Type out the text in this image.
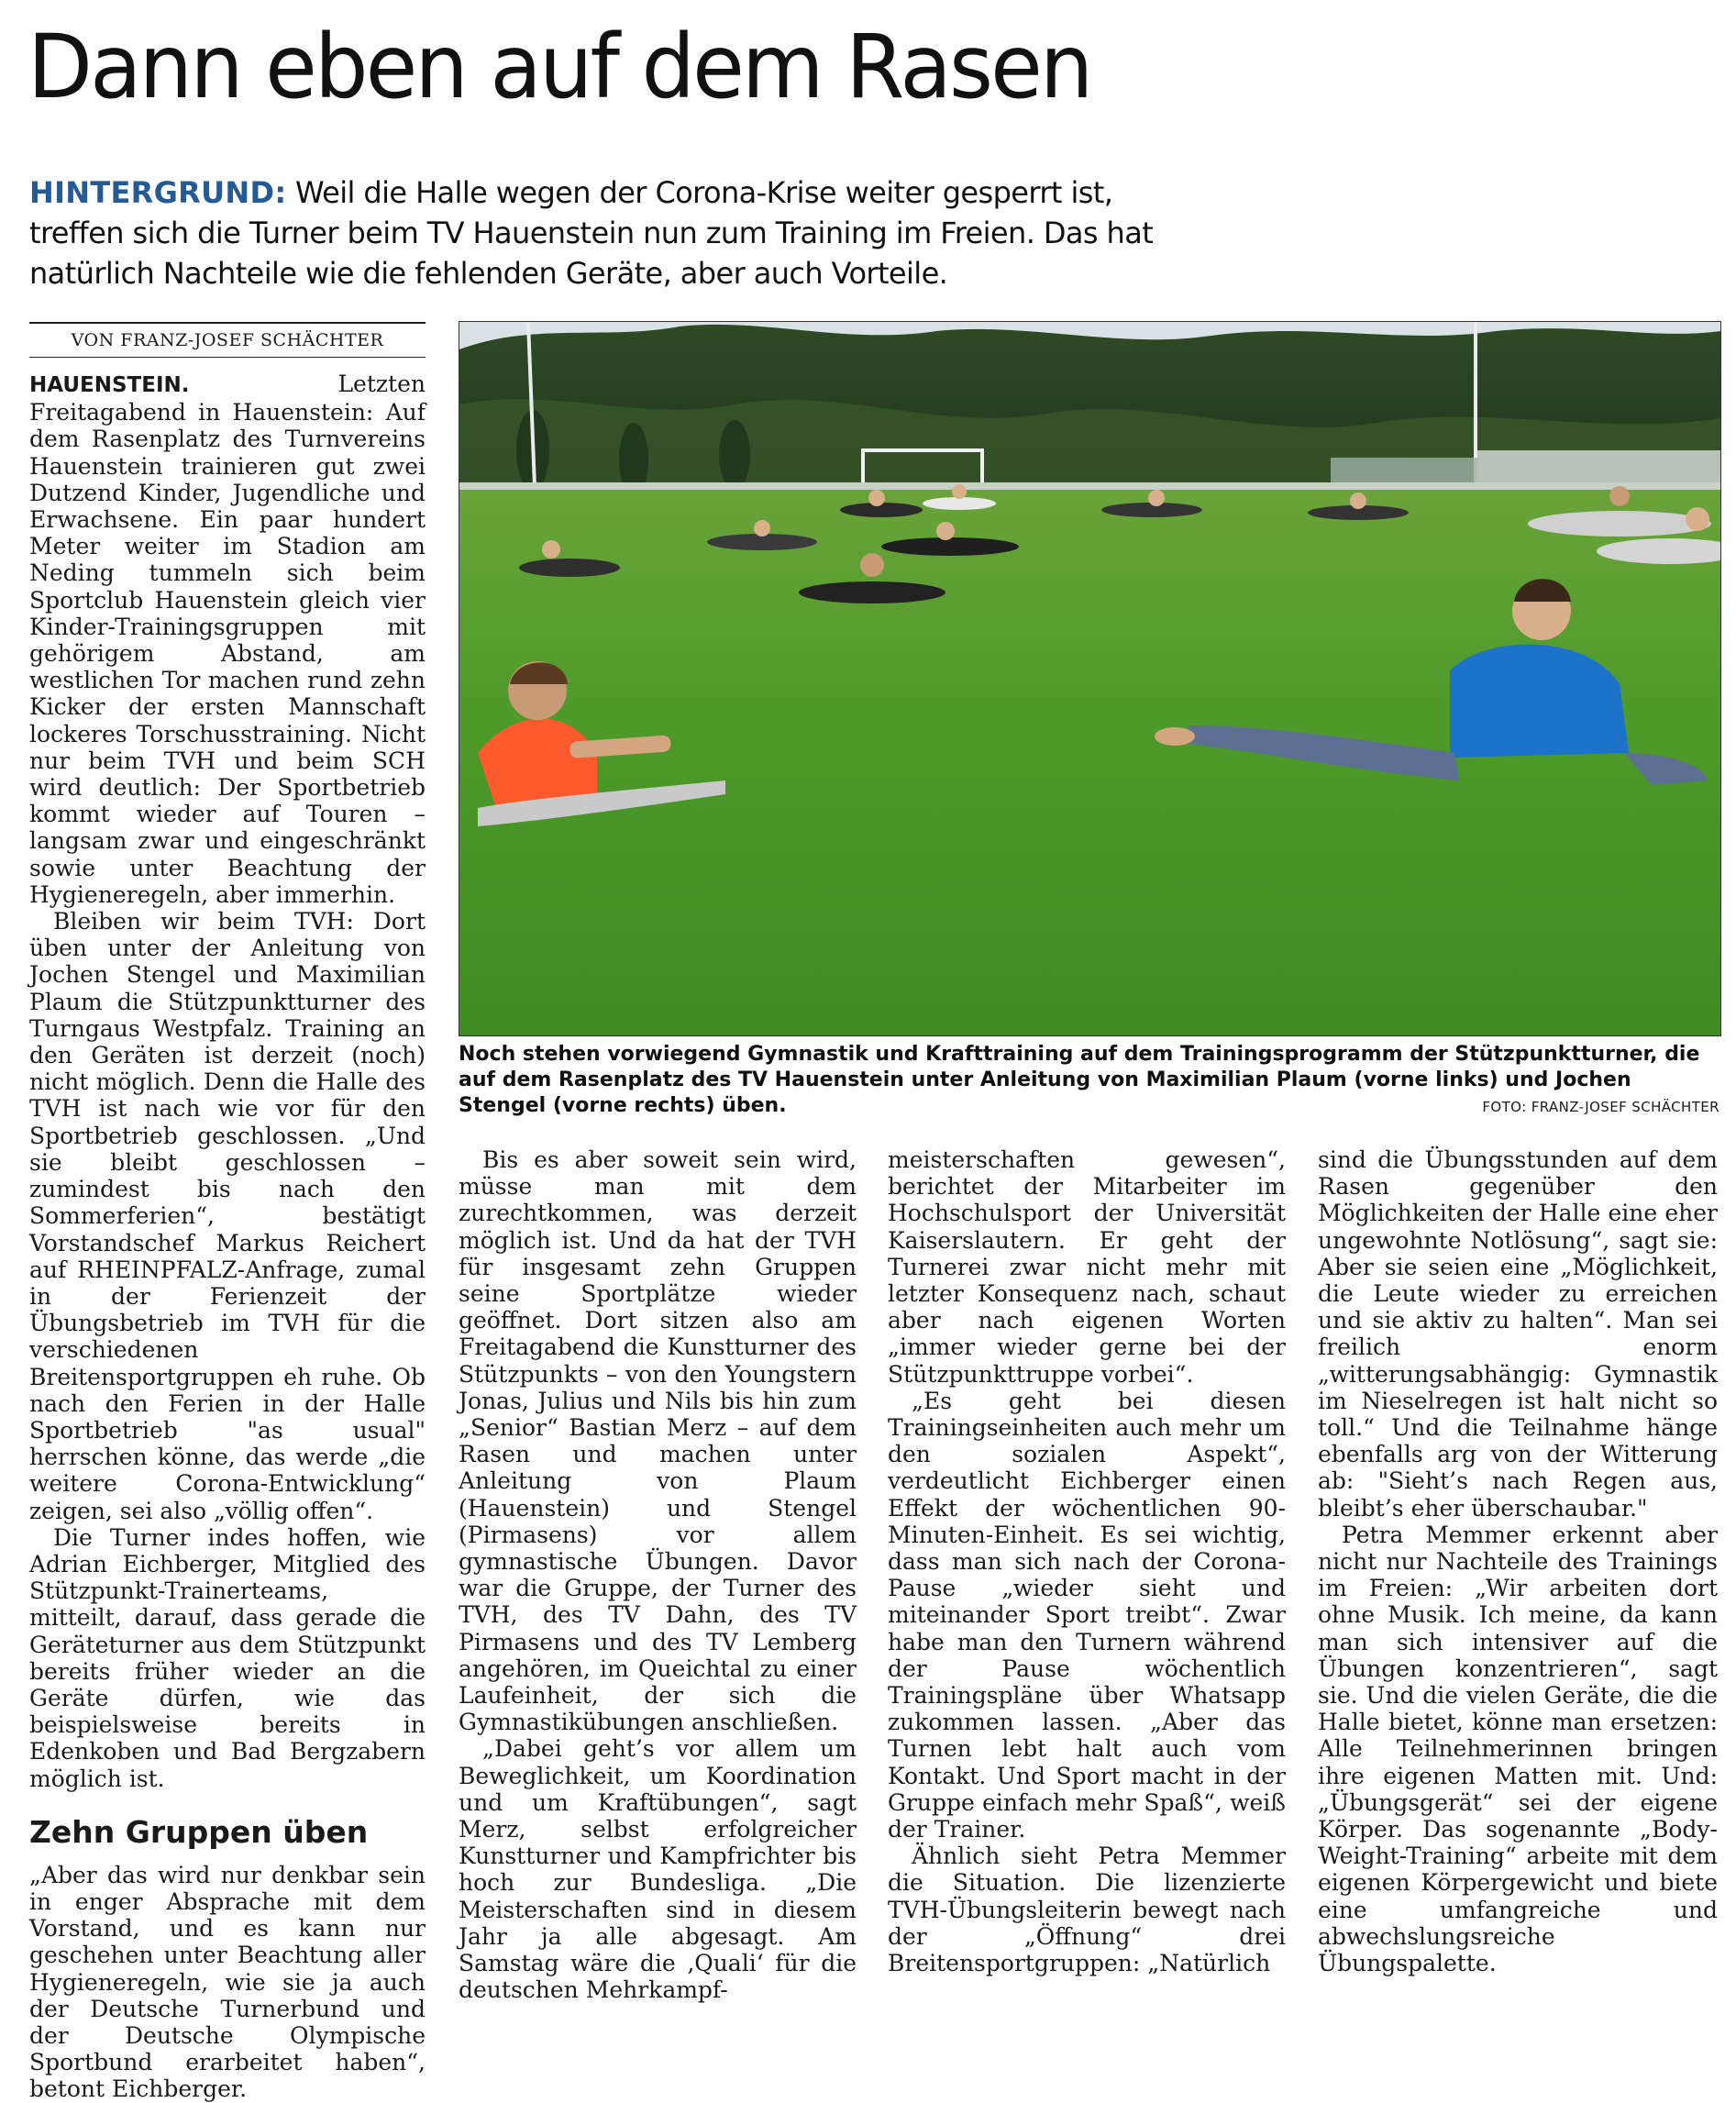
Dann eben auf dem Rasen
HINTERGRUND: Weil die Halle wegen der Corona-Krise weiter gesperrt ist, treffen sich die Turner beim TV Hauenstein nun zum Training im Freien. Das hat natürlich Nachteile wie die fehlenden Geräte, aber auch Vorteile.
VON FRANZ-JOSEF SCHÄCHTER

HAUENSTEIN.	Letzten Freitagabend in Hauenstein: Auf dem Rasenplatz des Turnvereins Hauenstein trainieren gut zwei Dutzend Kinder, Jugendliche und Erwachsene. Ein paar hundert Meter weiter im Stadion am Neding tummeln sich beim Sportclub Hauenstein gleich vier Kinder-Trainingsgruppen mit gehörigem Abstand, am westlichen Tor machen rund zehn Kicker der ersten Mannschaft lockeres Torschusstraining. Nicht nur beim TVH und beim SCH wird deutlich: Der Sportbetrieb kommt wieder auf Touren – langsam zwar und eingeschränkt sowie unter Beachtung der Hygieneregeln, aber immerhin.

Bleiben wir beim TVH: Dort üben unter der Anleitung von Jochen Stengel und Maximilian Plaum die Stützpunktturner des Turngaus Westpfalz. Training an den Geräten ist derzeit (noch) nicht möglich. Denn die Halle des TVH ist nach wie vor für den Sportbetrieb geschlossen. „Und sie bleibt geschlossen – zumindest bis nach den Sommerferien“, bestätigt Vorstandschef Markus Reichert auf RHEINPFALZ-Anfrage, zumal in der Ferienzeit der Übungsbetrieb im TVH für die verschiedenen Breitensportgruppen eh ruhe. Ob nach den Ferien in der Halle Sportbetrieb "as usual" herrschen könne, das werde „die weitere Corona-Entwicklung“ zeigen, sei also „völlig offen“.

Die Turner indes hoffen, wie Adrian Eichberger, Mitglied des Stützpunkt-Trainerteams, mitteilt, darauf, dass gerade die Geräteturner aus dem Stützpunkt bereits früher wieder an die Geräte dürfen, wie das beispielsweise bereits in Edenkoben und Bad Bergzabern möglich ist.

Zehn Gruppen üben

„Aber das wird nur denkbar sein in enger Absprache mit dem Vorstand, und es kann nur geschehen unter Beachtung aller Hygieneregeln, wie sie ja auch der Deutsche Turnerbund und der Deutsche Olympische Sportbund erarbeitet haben“, betont Eichberger.

Noch stehen vorwiegend Gymnastik und Krafttraining auf dem Trainingsprogramm der Stützpunktturner, die auf dem Rasenplatz des TV Hauenstein unter Anleitung von Maximilian Plaum (vorne links) und Jochen Stengel (vorne rechts) üben.	FOTO: FRANZ-JOSEF SCHÄCHTER

Bis es aber soweit sein wird, müsse man mit dem zurechtkommen, was derzeit möglich ist. Und da hat der TVH für insgesamt zehn Gruppen seine Sportplätze wieder geöffnet. Dort sitzen also am Freitagabend die Kunstturner des Stützpunkts – von den Youngstern Jonas, Julius und Nils bis hin zum „Senior“ Bastian Merz – auf dem Rasen und machen unter Anleitung von Plaum (Hauenstein) und Stengel (Pirmasens) vor allem gymnastische Übungen. Davor war die Gruppe, der Turner des TVH, des TV Dahn, des TV Pirmasens und des TV Lemberg angehören, im Queichtal zu einer Laufeinheit, der sich die Gymnastikübungen anschließen.

„Dabei geht’s vor allem um Beweglichkeit, um Koordination und um Kraftübungen“, sagt Merz, selbst erfolgreicher Kunstturner und Kampfrichter bis hoch zur Bundesliga. „Die Meisterschaften sind in diesem Jahr ja alle abgesagt. Am Samstag wäre die ‚Quali‘ für die deutschen Mehrkampf-

meisterschaften gewesen“, berichtet der Mitarbeiter im Hochschulsport der Universität Kaiserslautern. Er geht der Turnerei zwar nicht mehr mit letzter Konsequenz nach, schaut aber nach eigenen Worten „immer wieder gerne bei der Stützpunkttruppe vorbei“.

„Es geht bei diesen Trainingseinheiten auch mehr um den sozialen Aspekt“, verdeutlicht Eichberger einen Effekt der wöchentlichen 90-Minuten-Einheit. Es sei wichtig, dass man sich nach der Corona-Pause „wieder sieht und miteinander Sport treibt“. Zwar habe man den Turnern während der Pause wöchentlich Trainingspläne über Whatsapp zukommen lassen. „Aber das Turnen lebt halt auch vom Kontakt. Und Sport macht in der Gruppe einfach mehr Spaß“, weiß der Trainer.

Ähnlich sieht Petra Memmer die Situation. Die lizenzierte TVH-Übungsleiterin bewegt nach der „Öffnung“ drei Breitensportgruppen: „Natürlich

sind die Übungsstunden auf dem Rasen gegenüber den Möglichkeiten der Halle eine eher ungewohnte Notlösung“, sagt sie: Aber sie seien eine „Möglichkeit, die Leute wieder zu erreichen und sie aktiv zu halten“. Man sei freilich enorm „witterungsabhängig: Gymnastik im Nieselregen ist halt nicht so toll.“ Und die Teilnahme hänge ebenfalls arg von der Witterung ab: "Sieht’s nach Regen aus, bleibt’s eher überschaubar."

Petra Memmer erkennt aber nicht nur Nachteile des Trainings im Freien: „Wir arbeiten dort ohne Musik. Ich meine, da kann man sich intensiver auf die Übungen konzentrieren“, sagt sie. Und die vielen Geräte, die die Halle bietet, könne man ersetzen: Alle Teilnehmerinnen bringen ihre eigenen Matten mit. Und: „Übungsgerät“ sei der eigene Körper. Das sogenannte „Body-Weight-Training“ arbeite mit dem eigenen Körpergewicht und biete eine umfangreiche und abwechslungsreiche Übungspalette.
